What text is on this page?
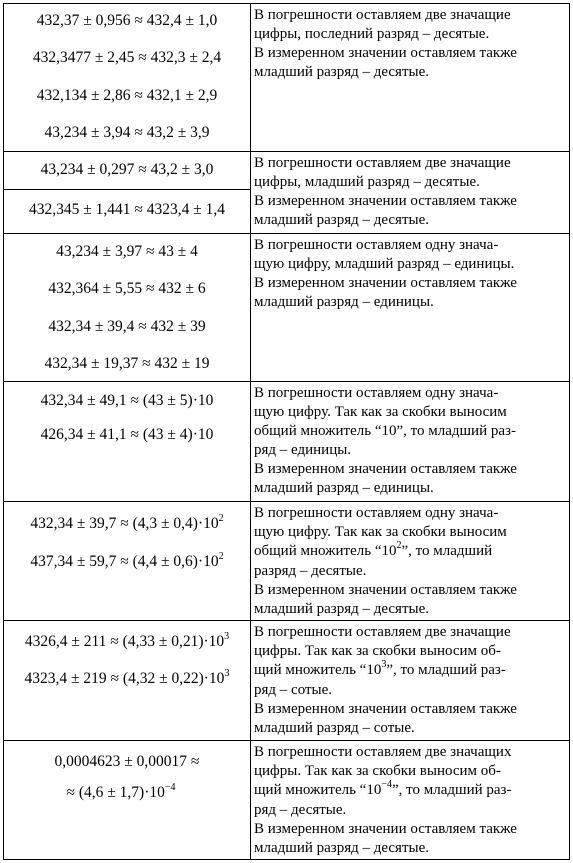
432,37 ± 0,956 ≈ 432,4 ± 1,0
432,3477 ± 2,45 ≈ 432,3 ± 2,4
432,134 ± 2,86 ≈ 432,1 ± 2,9
43,234 ± 3,94 ≈ 43,2 ± 3,9
В погрешности оставляем две значащие
цифры, последний разряд – десятые.
В измеренном значении оставляем также
младший разряд – десятые.
43,234 ± 0,297 ≈ 43,2 ± 3,0
432,345 ± 1,441 ≈ 4323,4 ± 1,4
В погрешности оставляем две значащие
цифры, младший разряд – десятые.
В измеренном значении оставляем также
младший разряд – десятые.
43,234 ± 3,97 ≈ 43 ± 4
432,364 ± 5,55 ≈ 432 ± 6
432,34 ± 39,4 ≈ 432 ± 39
432,34 ± 19,37 ≈ 432 ± 19
В погрешности оставляем одну знача-
щую цифру, младший разряд – единицы.
В измеренном значении оставляем также
младший разряд – единицы.
432,34 ± 49,1 ≈ (43 ± 5)·10
426,34 ± 41,1 ≈ (43 ± 4)·10
В погрешности оставляем одну знача-
щую цифру. Так как за скобки выносим
общий множитель “10”, то младший раз-
ряд – единицы.
В измеренном значении оставляем также
младший разряд – единицы.
$432,34 \pm 39,7 \approx (4,3 \pm 0,4)\cdot 10^2$
$437,34 \pm 59,7 \approx (4,4 \pm 0,6)\cdot 10^2$
В погрешности оставляем одну знача-
щую цифру. Так как за скобки выносим
общий множитель “$10^2$”, то младший
разряд – десятые.
В измеренном значении оставляем также
младший разряд – десятые.
$4326,4 \pm 211 \approx (4,33 \pm 0,21)\cdot 10^3$
$4323,4 \pm 219 \approx (4,32 \pm 0,22)\cdot 10^3$
В погрешности оставляем две значащие
цифры. Так как за скобки выносим об-
щий множитель “$10^3$”, то младший раз-
ряд – сотые.
В измеренном значении оставляем также
младший разряд – сотые.
0,0004623 ± 0,00017 ≈
≈ $(4,6 \pm 1,7)\cdot 10^{-4}$
В погрешности оставляем две значащих
цифры. Так как за скобки выносим об-
щий множитель “$10^{-4}$”, то младший раз-
ряд – десятые.
В измеренном значении оставляем также
младший разряд – десятые.
